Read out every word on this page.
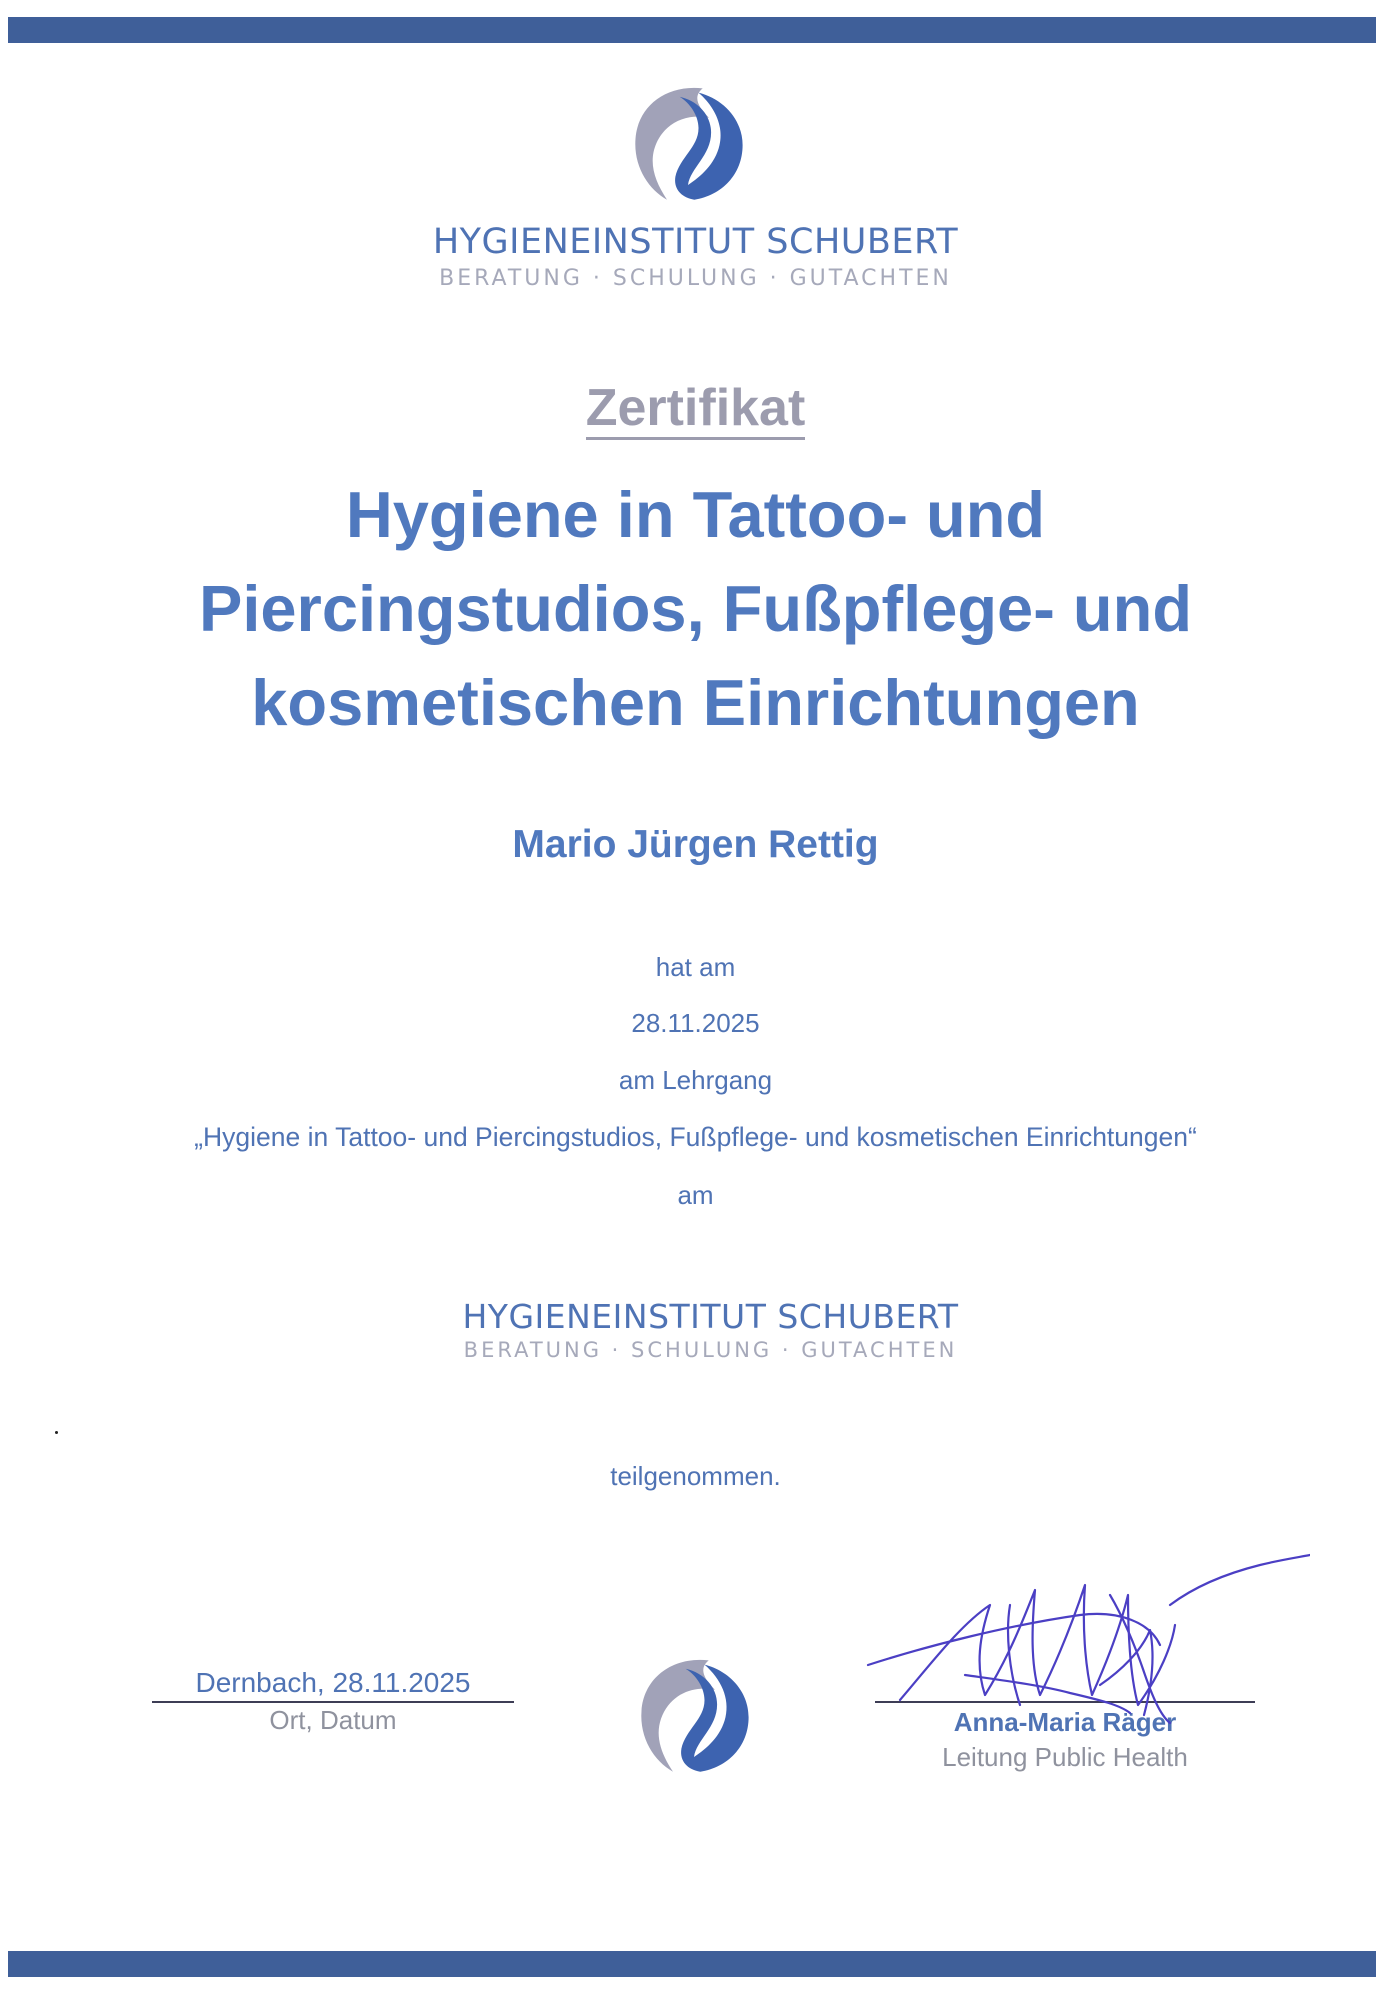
HYGIENEINSTITUT SCHUBERT
BERATUNG · SCHULUNG · GUTACHTEN
Zertifikat
Hygiene in Tattoo- und
Piercingstudios, Fußpflege- und
kosmetischen Einrichtungen
Mario Jürgen Rettig
hat am
28.11.2025
am Lehrgang
„Hygiene in Tattoo- und Piercingstudios, Fußpflege- und kosmetischen Einrichtungen“
am
HYGIENEINSTITUT SCHUBERT
BERATUNG · SCHULUNG · GUTACHTEN
teilgenommen.
Dernbach, 28.11.2025
Ort, Datum	Anna-Maria Räger
Leitung Public Health
